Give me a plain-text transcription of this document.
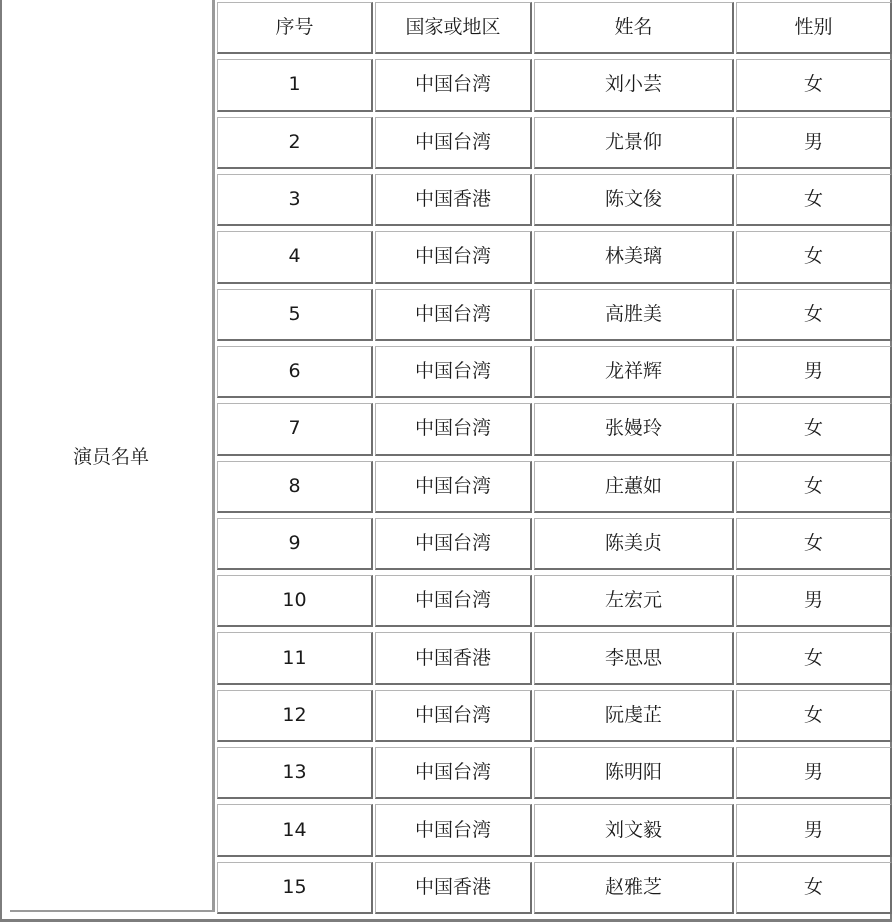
演员名单
序号	国家或地区	姓名	性别
1	中国台湾	刘小芸	女
2	中国台湾	尤景仰	男
3	中国香港	陈文俊	女
4	中国台湾	林美璃	女
5	中国台湾	高胜美	女
6	中国台湾	龙祥辉	男
7	中国台湾	张嫚玲	女
8	中国台湾	庄蕙如	女
9	中国台湾	陈美贞	女
10	中国台湾	左宏元	男
11	中国香港	李思思	女
12	中国台湾	阮虔芷	女
13	中国台湾	陈明阳	男
14	中国台湾	刘文毅	男
15	中国香港	赵雅芝	女
